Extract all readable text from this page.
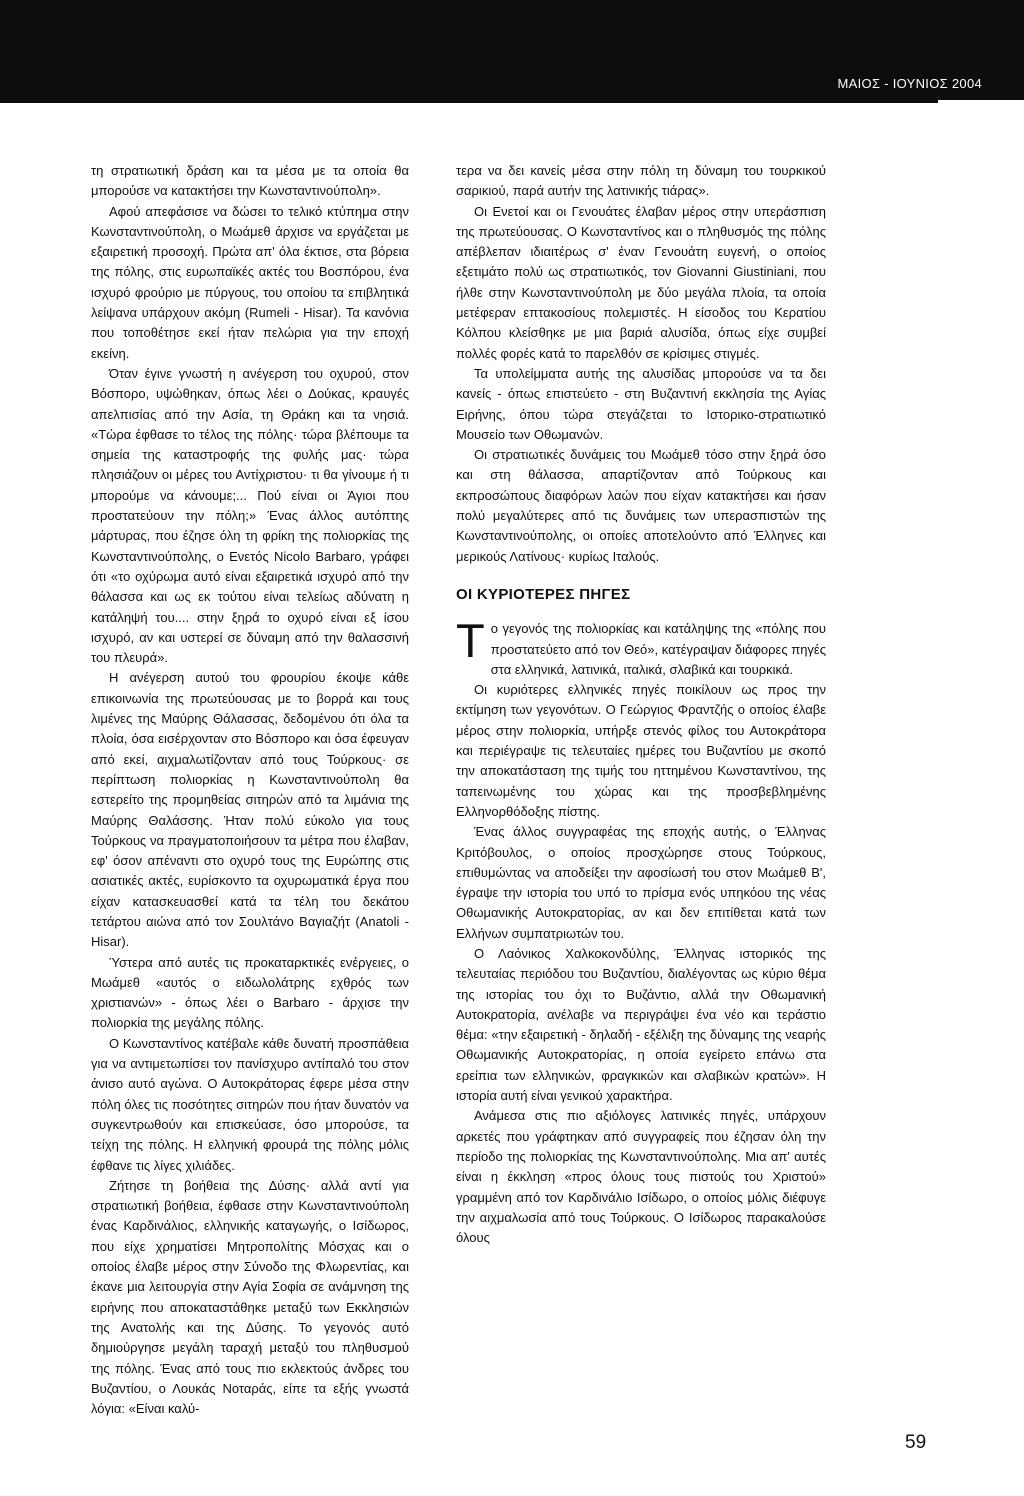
ΜΑΙΟΣ - ΙΟΥΝΙΟΣ 2004

τη στρατιωτική δράση και τα μέσα με τα οποία θα μπορούσε να κατακτήσει την Κωνσταντινούπολη».

Αφού απεφάσισε να δώσει το τελικό κτύπημα στην Κωνσταντινούπολη, ο Μωάμεθ άρχισε να εργάζεται με εξαιρετική προσοχή. Πρώτα απ' όλα έκτισε, στα βόρεια της πόλης, στις ευρωπαϊκές ακτές του Βοσπόρου, ένα ισχυρό φρούριο με πύργους, του οποίου τα επιβλητικά λείψανα υπάρχουν ακόμη (Rumeli - Hisar). Τα κανόνια που τοποθέτησε εκεί ήταν πελώρια για την εποχή εκείνη.

Όταν έγινε γνωστή η ανέγερση του οχυρού, στον Βόσπορο, υψώθηκαν, όπως λέει ο Δούκας, κραυγές απελπισίας από την Ασία, τη Θράκη και τα νησιά. «Τώρα έφθασε το τέλος της πόλης· τώρα βλέπουμε τα σημεία της καταστροφής της φυλής μας· τώρα πλησιάζουν οι μέρες του Αντίχριστου· τι θα γίνουμε ή τι μπορούμε να κάνουμε;... Πού είναι οι Άγιοι που προστατεύουν την πόλη;» Ένας άλλος αυτόπτης μάρτυρας, που έζησε όλη τη φρίκη της πολιορκίας της Κωνσταντινούπολης, ο Ενετός Nicolo Barbaro, γράφει ότι «το οχύρωμα αυτό είναι εξαιρετικά ισχυρό από την θάλασσα και ως εκ τούτου είναι τελείως αδύνατη η κατάληψή του.... στην ξηρά το οχυρό είναι εξ ίσου ισχυρό, αν και υστερεί σε δύναμη από την θαλασσινή του πλευρά».

Η ανέγερση αυτού του φρουρίου έκοψε κάθε επικοινωνία της πρωτεύουσας με το βορρά και τους λιμένες της Μαύρης Θάλασσας, δεδομένου ότι όλα τα πλοία, όσα εισέρχονταν στο Βόσπορο και όσα έφευγαν από εκεί, αιχμαλωτίζονταν από τους Τούρκους· σε περίπτωση πολιορκίας η Κωνσταντινούπολη θα εστερείτο της προμηθείας σιτηρών από τα λιμάνια της Μαύρης Θαλάσσης. Ήταν πολύ εύκολο για τους Τούρκους να πραγματοποιήσουν τα μέτρα που έλαβαν, εφ' όσον απέναντι στο οχυρό τους της Ευρώπης στις ασιατικές ακτές, ευρίσκοντο τα οχυρωματικά έργα που είχαν κατασκευασθεί κατά τα τέλη του δεκάτου τετάρτου αιώνα από τον Σουλτάνο Βαγιαζήτ (Anatoli - Hisar).

Ύστερα από αυτές τις προκαταρκτικές ενέργειες, ο Μωάμεθ «αυτός ο ειδωλολάτρης εχθρός των χριστιανών» - όπως λέει ο Barbaro - άρχισε την πολιορκία της μεγάλης πόλης.

Ο Κωνσταντίνος κατέβαλε κάθε δυνατή προσπάθεια για να αντιμετωπίσει τον πανίσχυρο αντίπαλό του στον άνισο αυτό αγώνα. Ο Αυτοκράτορας έφερε μέσα στην πόλη όλες τις ποσότητες σιτηρών που ήταν δυνατόν να συγκεντρωθούν και επισκεύασε, όσο μπορούσε, τα τείχη της πόλης. Η ελληνική φρουρά της πόλης μόλις έφθανε τις λίγες χιλιάδες.

Ζήτησε τη βοήθεια της Δύσης· αλλά αντί για στρατιωτική βοήθεια, έφθασε στην Κωνσταντινούπολη ένας Καρδινάλιος, ελληνικής καταγωγής, ο Ισίδωρος, που είχε χρηματίσει Μητροπολίτης Μόσχας και ο οποίος έλαβε μέρος στην Σύνοδο της Φλωρεντίας, και έκανε μια λειτουργία στην Αγία Σοφία σε ανάμνηση της ειρήνης που αποκαταστάθηκε μεταξύ των Εκκλησιών της Ανατολής και της Δύσης. Το γεγονός αυτό δημιούργησε μεγάλη ταραχή μεταξύ του πληθυσμού της πόλης. Ένας από τους πιο εκλεκτούς άνδρες του Βυζαντίου, ο Λουκάς Νοταράς, είπε τα εξής γνωστά λόγια: «Είναι καλύ-

τερα να δει κανείς μέσα στην πόλη τη δύναμη του τουρκικού σαρικιού, παρά αυτήν της λατινικής τιάρας».

Οι Ενετοί και οι Γενουάτες έλαβαν μέρος στην υπεράσπιση της πρωτεύουσας. Ο Κωνσταντίνος και ο πληθυσμός της πόλης απέβλεπαν ιδιαιτέρως σ' έναν Γενουάτη ευγενή, ο οποίος εξετιμάτο πολύ ως στρατιωτικός, τον Giovanni Giustiniani, που ήλθε στην Κωνσταντινούπολη με δύο μεγάλα πλοία, τα οποία μετέφεραν επτακοσίους πολεμιστές. Η είσοδος του Κερατίου Κόλπου κλείσθηκε με μια βαριά αλυσίδα, όπως είχε συμβεί πολλές φορές κατά το παρελθόν σε κρίσιμες στιγμές.

Τα υπολείμματα αυτής της αλυσίδας μπορούσε να τα δει κανείς - όπως επιστεύετο - στη Βυζαντινή εκκλησία της Αγίας Ειρήνης, όπου τώρα στεγάζεται το Ιστορικο-στρατιωτικό Μουσείο των Οθωμανών.

Οι στρατιωτικές δυνάμεις του Μωάμεθ τόσο στην ξηρά όσο και στη θάλασσα, απαρτίζονταν από Τούρκους και εκπροσώπους διαφόρων λαών που είχαν κατακτήσει και ήσαν πολύ μεγαλύτερες από τις δυνάμεις των υπερασπιστών της Κωνσταντινούπολης, οι οποίες αποτελούντο από Έλληνες και μερικούς Λατίνους· κυρίως Ιταλούς.

ΟΙ ΚΥΡΙΟΤΕΡΕΣ ΠΗΓΕΣ

Το γεγονός της πολιορκίας και κατάληψης της «πόλης που προστατεύετο από τον Θεό», κατέγραψαν διάφορες πηγές στα ελληνικά, λατινικά, ιταλικά, σλαβικά και τουρκικά.

Οι κυριότερες ελληνικές πηγές ποικίλουν ως προς την εκτίμηση των γεγονότων. Ο Γεώργιος Φραντζής ο οποίος έλαβε μέρος στην πολιορκία, υπήρξε στενός φίλος του Αυτοκράτορα και περιέγραψε τις τελευταίες ημέρες του Βυζαντίου με σκοπό την αποκατάσταση της τιμής του ηττημένου Κωνσταντίνου, της ταπεινωμένης του χώρας και της προσβεβλημένης Ελληνορθόδοξης πίστης.

Ένας άλλος συγγραφέας της εποχής αυτής, ο Έλληνας Κριτόβουλος, ο οποίος προσχώρησε στους Τούρκους, επιθυμώντας να αποδείξει την αφοσίωσή του στον Μωάμεθ Β', έγραψε την ιστορία του υπό το πρίσμα ενός υπηκόου της νέας Οθωμανικής Αυτοκρατορίας, αν και δεν επιτίθεται κατά των Ελλήνων συμπατριωτών του.

Ο Λαόνικος Χαλκοκονδύλης, Έλληνας ιστορικός της τελευταίας περιόδου του Βυζαντίου, διαλέγοντας ως κύριο θέμα της ιστορίας του όχι το Βυζάντιο, αλλά την Οθωμανική Αυτοκρατορία, ανέλαβε να περιγράψει ένα νέο και τεράστιο θέμα: «την εξαιρετική - δηλαδή - εξέλιξη της δύναμης της νεαρής Οθωμανικής Αυτοκρατορίας, η οποία εγείρετο επάνω στα ερείπια των ελληνικών, φραγκικών και σλαβικών κρατών». Η ιστορία αυτή είναι γενικού χαρακτήρα.

Ανάμεσα στις πιο αξιόλογες λατινικές πηγές, υπάρχουν αρκετές που γράφτηκαν από συγγραφείς που έζησαν όλη την περίοδο της πολιορκίας της Κωνσταντινούπολης. Μια απ' αυτές είναι η έκκληση «προς όλους τους πιστούς του Χριστού» γραμμένη από τον Καρδινάλιο Ισίδωρο, ο οποίος μόλις διέφυγε την αιχμαλωσία από τους Τούρκους. Ο Ισίδωρος παρακαλούσε όλους

59
